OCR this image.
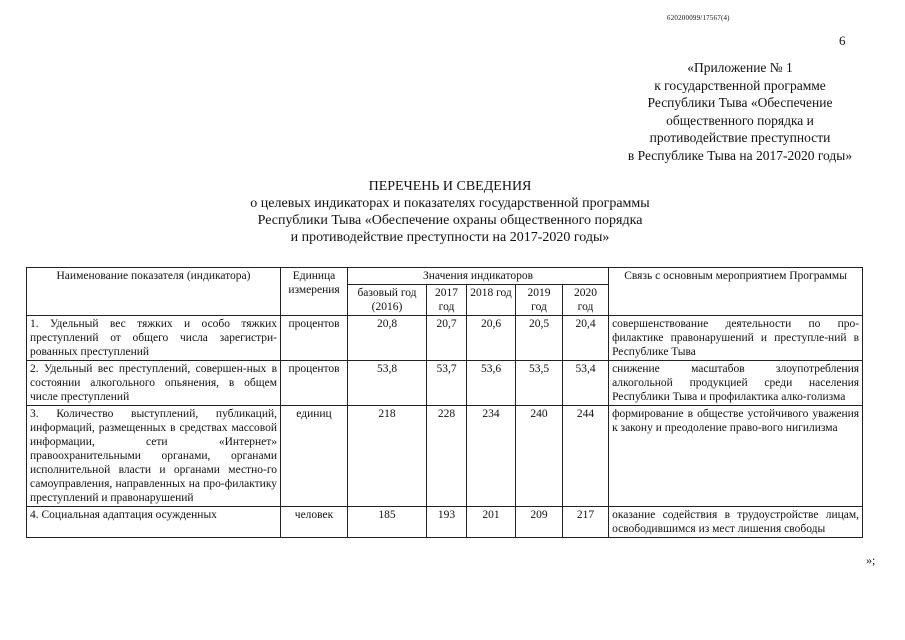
620200099/17567(4)
6
«Приложение № 1
к государственной программе
Республики Тыва «Обеспечение
общественного порядка и
противодействие преступности
в Республике Тыва на 2017-2020 годы»
ПЕРЕЧЕНЬ И СВЕДЕНИЯ
о целевых индикаторах и показателях государственной программы
Республики Тыва «Обеспечение охраны общественного порядка
и противодействие преступности на 2017-2020 годы»
Наименование показателя (индикатора)	Единица измерения	Значения индикаторов					Связь с основным мероприятием Программы
		базовый год (2016)	2017 год	2018 год	2019 год	2020 год	
1. Удельный вес тяжких и особо тяжких преступлений от общего числа зарегистри-рованных преступлений	процентов	20,8	20,7	20,6	20,5	20,4	совершенствование деятельности по про-филактике правонарушений и преступле-ний в Республике Тыва
2. Удельный вес преступлений, совершен-ных в состоянии алкогольного опьянения, в общем числе преступлений	процентов	53,8	53,7	53,6	53,5	53,4	снижение масштабов злоупотребления алкогольной продукцией среди населения Республики Тыва и профилактика алко-голизма
3. Количество выступлений, публикаций, информаций, размещенных в средствах массовой информации, сети «Интернет» правоохранительными органами, органами исполнительной власти и органами местно-го самоуправления, направленных на про-филактику преступлений и правонарушений	единиц	218	228	234	240	244	формирование в обществе устойчивого уважения к закону и преодоление право-вого нигилизма
4. Социальная адаптация осужденных	человек	185	193	201	209	217	оказание содействия в трудоустройстве лицам, освободившимся из мест лишения свободы
»;
